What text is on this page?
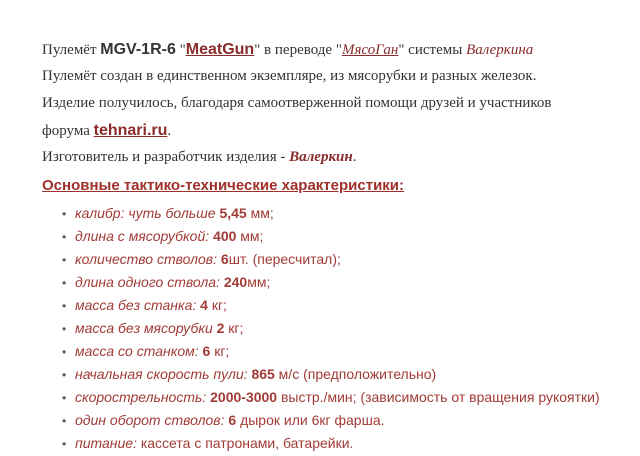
Пулемёт MGV-1R-6 "MeatGun" в переводе "МясоГан" системы Валеркина
Пулемёт создан в единственном экземпляре, из мясорубки и разных железок.
Изделие получилось, благодаря самоотверженной помощи друзей и участников
форума tehnari.ru.
Изготовитель и разработчик изделия - Валеркин.
Основные тактико-технические характеристики:
• калибр: чуть больше 5,45 мм;
• длина с мясорубкой: 400 мм;
• количество стволов: 6шт. (пересчитал);
• длина одного ствола: 240мм;
• масса без станка: 4 кг;
• масса без мясорубки 2 кг;
• масса со станком: 6 кг;
• начальная скорость пули: 865 м/с (предположительно)
• скорострельность: 2000-3000 выстр./мин; (зависимость от вращения рукоятки)
• один оборот стволов: 6 дырок или 6кг фарша.
• питание: кассета с патронами, батарейки.
